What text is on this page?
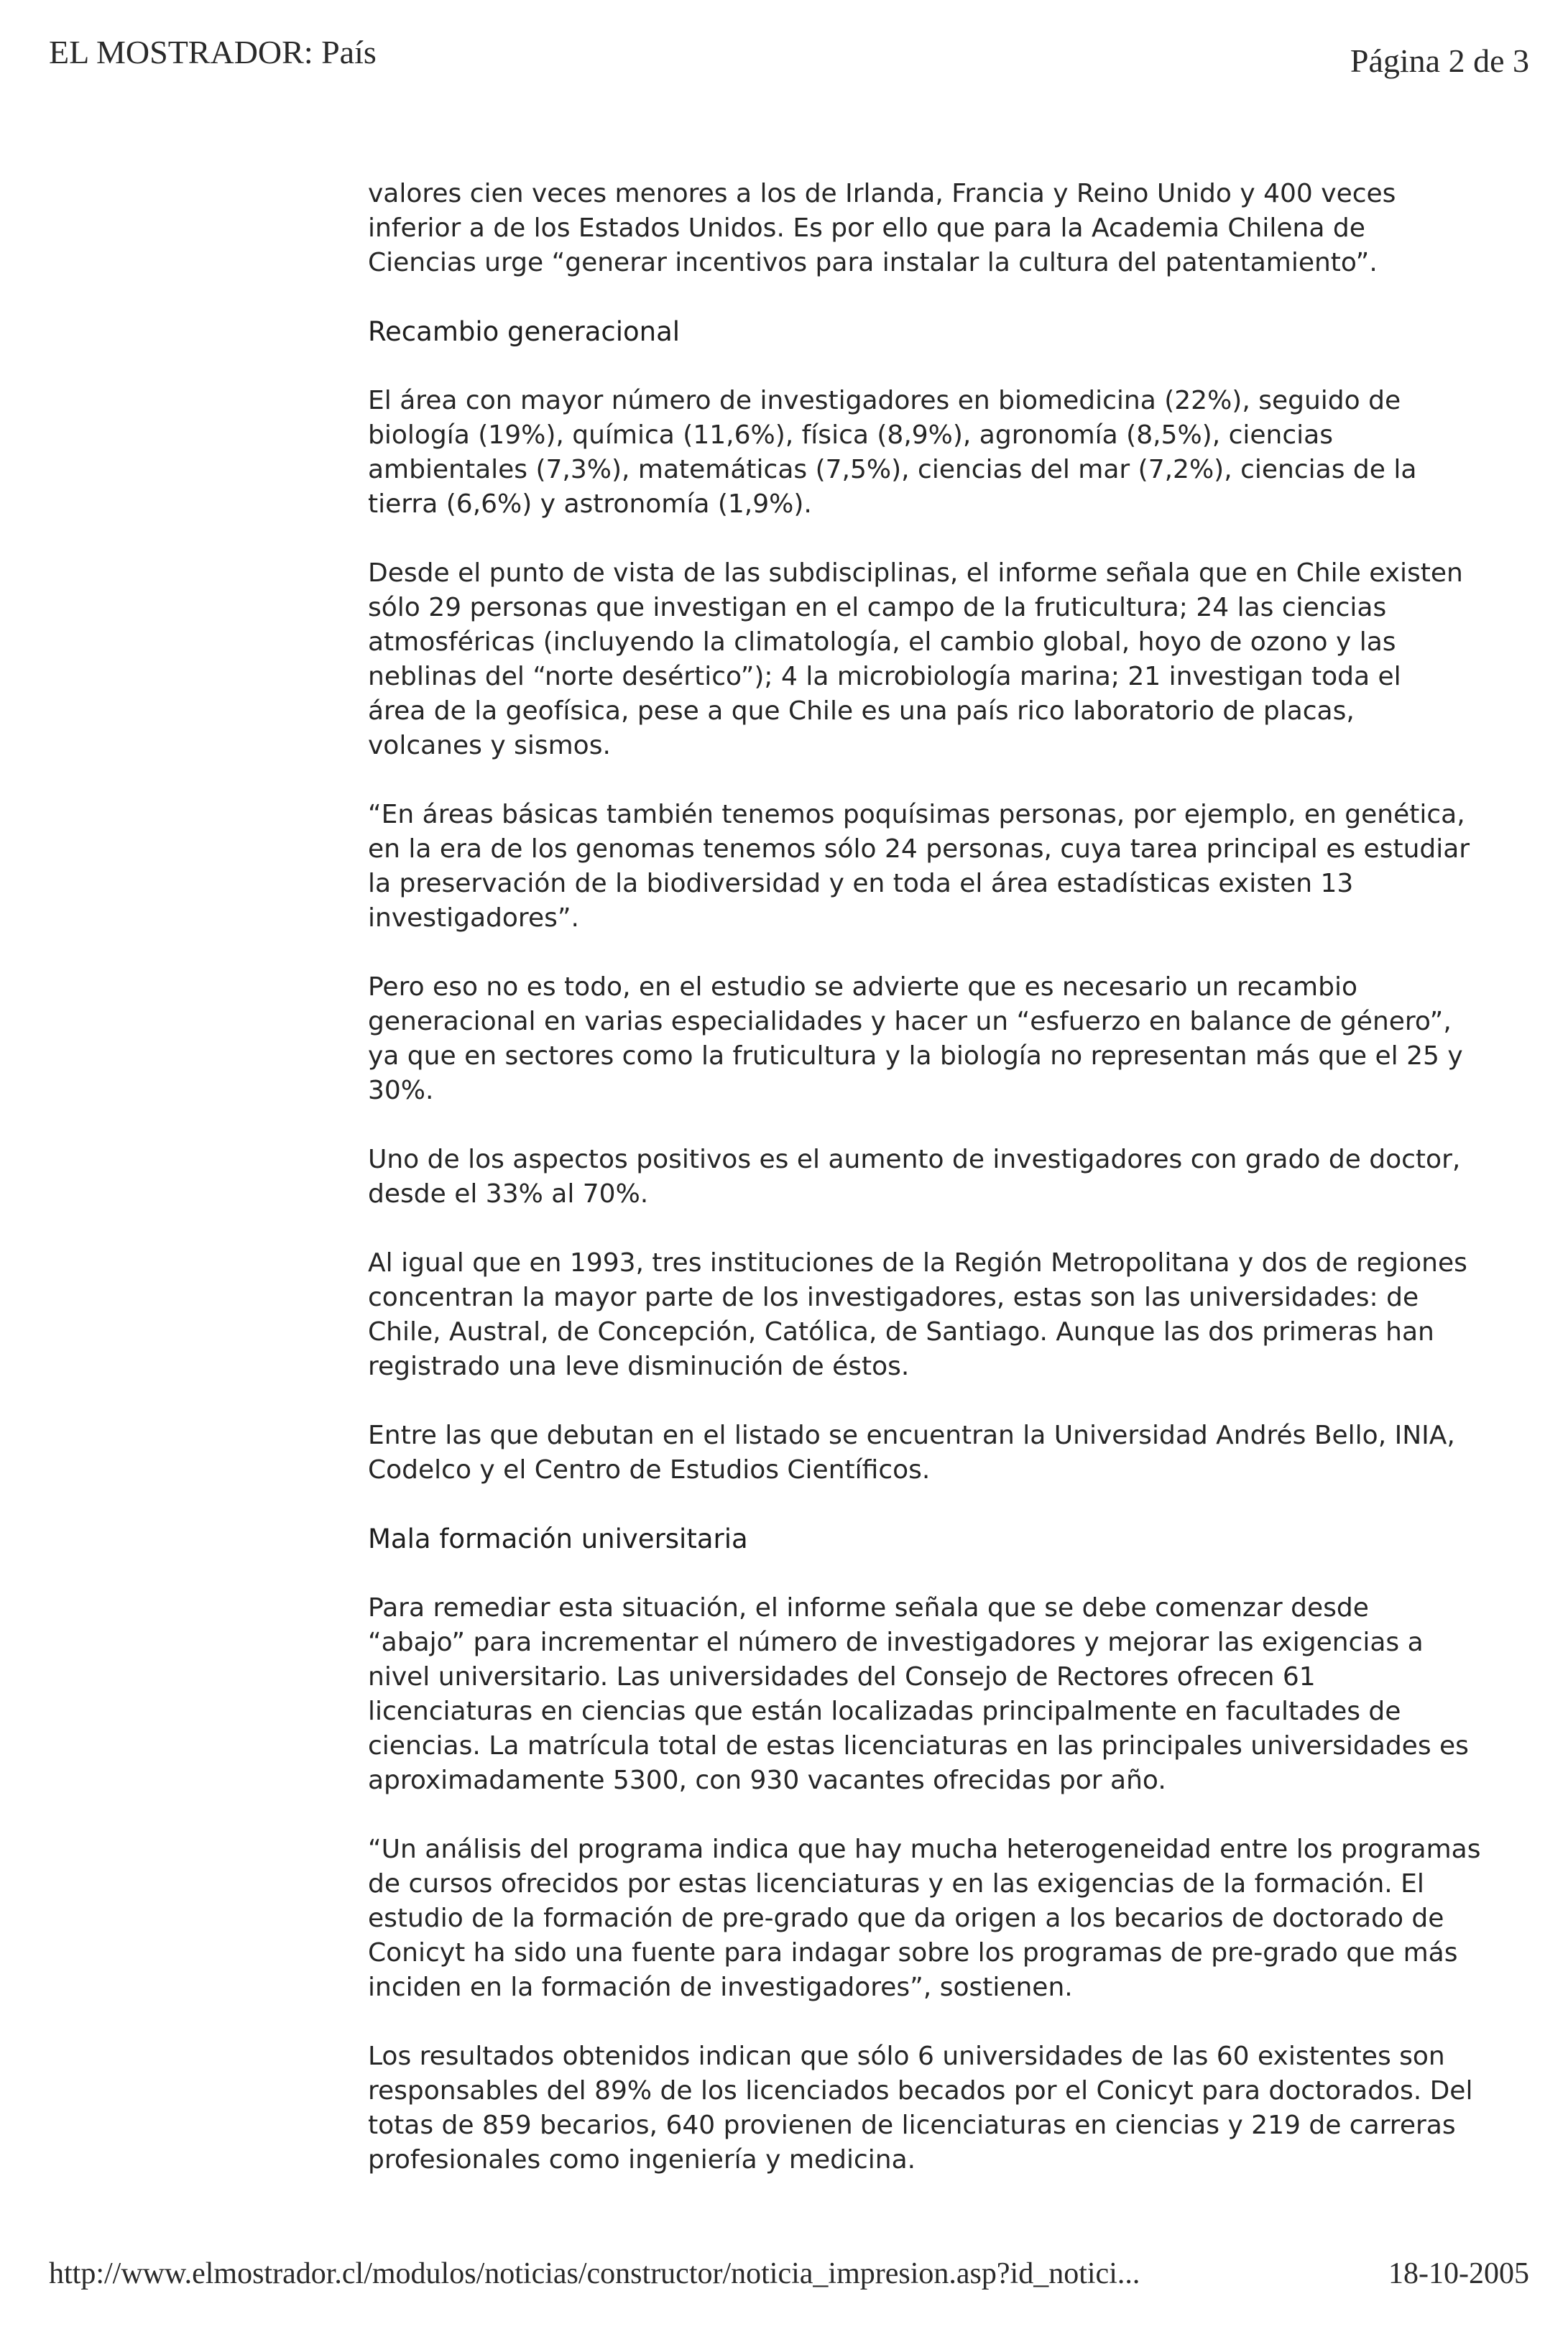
EL MOSTRADOR: País	Página 2 de 3

valores cien veces menores a los de Irlanda, Francia y Reino Unido y 400 veces
inferior a de los Estados Unidos. Es por ello que para la Academia Chilena de
Ciencias urge “generar incentivos para instalar la cultura del patentamiento”.

Recambio generacional

El área con mayor número de investigadores en biomedicina (22%), seguido de
biología (19%), química (11,6%), física (8,9%), agronomía (8,5%), ciencias
ambientales (7,3%), matemáticas (7,5%), ciencias del mar (7,2%), ciencias de la
tierra (6,6%) y astronomía (1,9%).

Desde el punto de vista de las subdisciplinas, el informe señala que en Chile existen
sólo 29 personas que investigan en el campo de la fruticultura; 24 las ciencias
atmosféricas (incluyendo la climatología, el cambio global, hoyo de ozono y las
neblinas del “norte desértico”); 4 la microbiología marina; 21 investigan toda el
área de la geofísica, pese a que Chile es una país rico laboratorio de placas,
volcanes y sismos.

“En áreas básicas también tenemos poquísimas personas, por ejemplo, en genética,
en la era de los genomas tenemos sólo 24 personas, cuya tarea principal es estudiar
la preservación de la biodiversidad y en toda el área estadísticas existen 13
investigadores”.

Pero eso no es todo, en el estudio se advierte que es necesario un recambio
generacional en varias especialidades y hacer un “esfuerzo en balance de género”,
ya que en sectores como la fruticultura y la biología no representan más que el 25 y
30%.

Uno de los aspectos positivos es el aumento de investigadores con grado de doctor,
desde el 33% al 70%.

Al igual que en 1993, tres instituciones de la Región Metropolitana y dos de regiones
concentran la mayor parte de los investigadores, estas son las universidades: de
Chile, Austral, de Concepción, Católica, de Santiago. Aunque las dos primeras han
registrado una leve disminución de éstos.

Entre las que debutan en el listado se encuentran la Universidad Andrés Bello, INIA,
Codelco y el Centro de Estudios Científicos.

Mala formación universitaria

Para remediar esta situación, el informe señala que se debe comenzar desde
“abajo” para incrementar el número de investigadores y mejorar las exigencias a
nivel universitario. Las universidades del Consejo de Rectores ofrecen 61
licenciaturas en ciencias que están localizadas principalmente en facultades de
ciencias. La matrícula total de estas licenciaturas en las principales universidades es
aproximadamente 5300, con 930 vacantes ofrecidas por año.

“Un análisis del programa indica que hay mucha heterogeneidad entre los programas
de cursos ofrecidos por estas licenciaturas y en las exigencias de la formación. El
estudio de la formación de pre-grado que da origen a los becarios de doctorado de
Conicyt ha sido una fuente para indagar sobre los programas de pre-grado que más
inciden en la formación de investigadores”, sostienen.

Los resultados obtenidos indican que sólo 6 universidades de las 60 existentes son
responsables del 89% de los licenciados becados por el Conicyt para doctorados. Del
totas de 859 becarios, 640 provienen de licenciaturas en ciencias y 219 de carreras
profesionales como ingeniería y medicina.

http://www.elmostrador.cl/modulos/noticias/constructor/noticia_impresion.asp?id_notici...	18-10-2005
